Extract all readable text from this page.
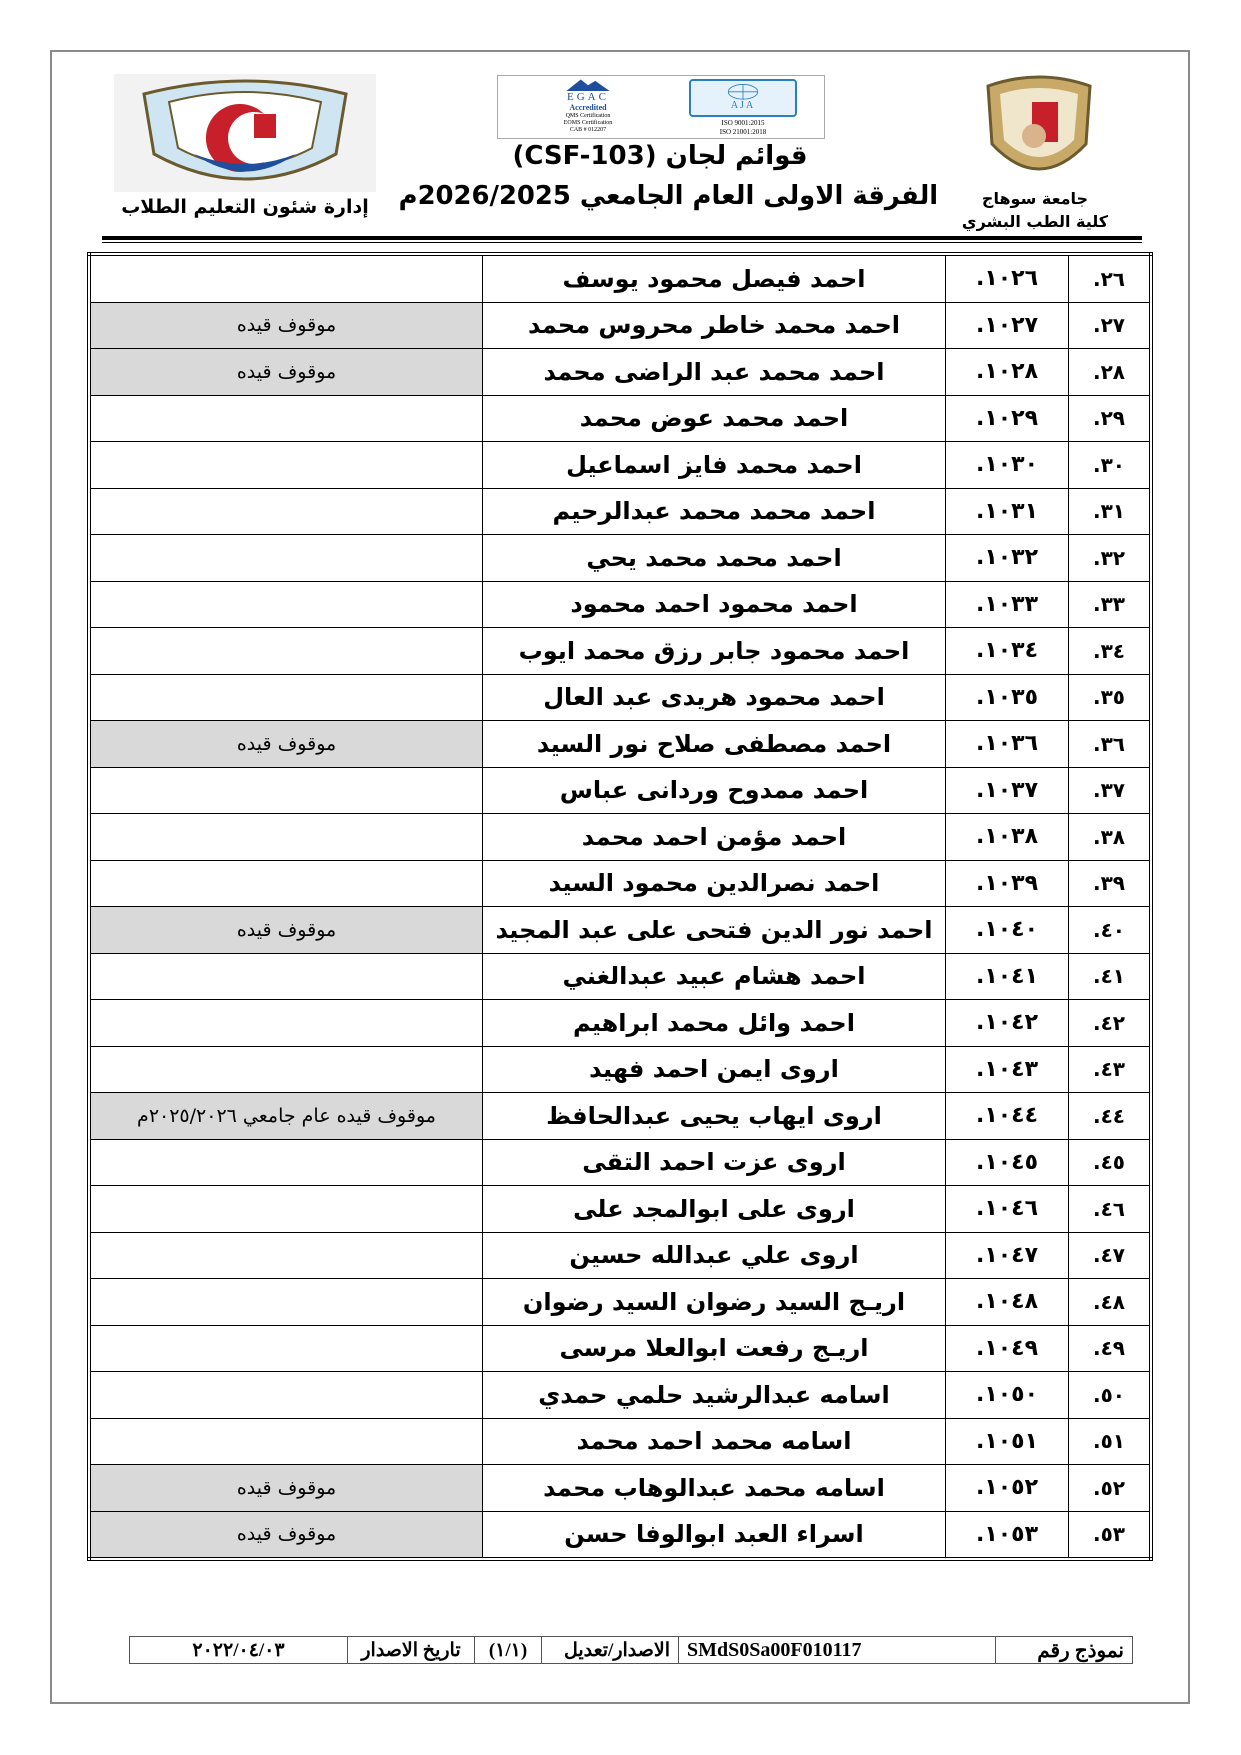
إدارة شئون التعليم الطلاب
EGAC
Accredited
QMS Certification
EOMS Certification
CAB # 012207
AJA
ISO 9001:2015
ISO 21001:2018
قوائم لجان (CSF-103)
الفرقة الاولى العام الجامعي 2026/2025م	جامعة سوهاج
كلية الطب البشري
٢٦.	١٠٢٦.	احمد فيصل محمود يوسف	
٢٧.	١٠٢٧.	احمد محمد خاطر محروس محمد	موقوف قيده
٢٨.	١٠٢٨.	احمد محمد عبد الراضى محمد	موقوف قيده
٢٩.	١٠٢٩.	احمد محمد عوض محمد	
٣٠.	١٠٣٠.	احمد محمد فايز اسماعيل	
٣١.	١٠٣١.	احمد محمد محمد عبدالرحيم	
٣٢.	١٠٣٢.	احمد محمد محمد يحي	
٣٣.	١٠٣٣.	احمد محمود احمد محمود	
٣٤.	١٠٣٤.	احمد محمود جابر رزق محمد ايوب	
٣٥.	١٠٣٥.	احمد محمود هريدى عبد العال	
٣٦.	١٠٣٦.	احمد مصطفى صلاح نور السيد	موقوف قيده
٣٧.	١٠٣٧.	احمد ممدوح وردانى عباس	
٣٨.	١٠٣٨.	احمد مؤمن احمد محمد	
٣٩.	١٠٣٩.	احمد نصرالدين محمود السيد	
٤٠.	١٠٤٠.	احمد نور الدين فتحى على عبد المجيد	موقوف قيده
٤١.	١٠٤١.	احمد هشام عبيد عبدالغني	
٤٢.	١٠٤٢.	احمد وائل محمد ابراهيم	
٤٣.	١٠٤٣.	اروى ايمن احمد فهيد	
٤٤.	١٠٤٤.	اروى ايهاب يحيى عبدالحافظ	موقوف قيده عام جامعي ٢٠٢٥/٢٠٢٦م
٤٥.	١٠٤٥.	اروى عزت احمد التقى	
٤٦.	١٠٤٦.	اروى على ابوالمجد على	
٤٧.	١٠٤٧.	اروى علي عبدالله حسين	
٤٨.	١٠٤٨.	اريـج السيد رضوان السيد رضوان	
٤٩.	١٠٤٩.	اريـج رفعت ابوالعلا مرسى	
٥٠.	١٠٥٠.	اسامه عبدالرشيد حلمي حمدي	
٥١.	١٠٥١.	اسامه محمد احمد محمد	
٥٢.	١٠٥٢.	اسامه محمد عبدالوهاب محمد	موقوف قيده
٥٣.	١٠٥٣.	اسراء العبد ابوالوفا حسن	موقوف قيده
نموذج رقم	SMdS0Sa00F010117	الاصدار/تعديل	(١/١)	تاريخ الاصدار	٢٠٢٢/٠٤/٠٣
